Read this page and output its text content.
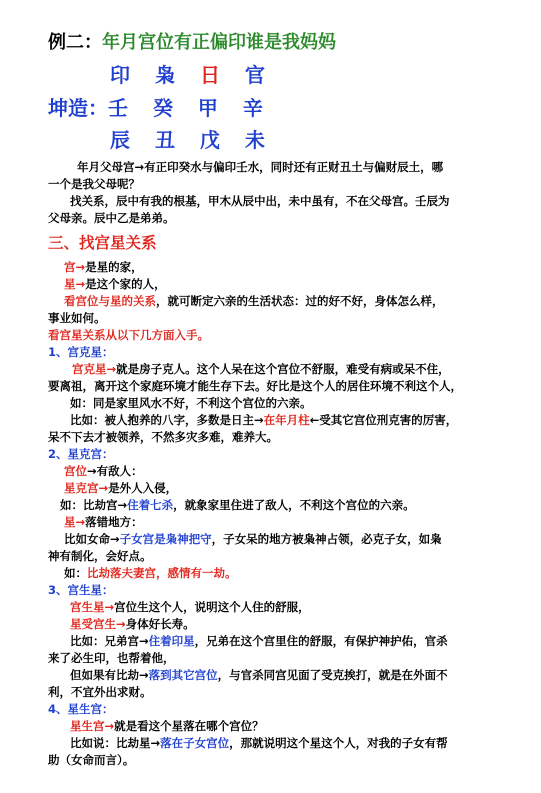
例二：年月宫位有正偏印谁是我妈妈
印 枭 日 官
坤造：壬 癸 甲 辛
辰 丑 戊 未
年月父母宫→有正印癸水与偏印壬水，同时还有正财丑土与偏财辰土，哪
一个是我父母呢？
找关系，辰中有我的根基，甲木从辰中出，未中虽有，不在父母宫。壬辰为
父母亲。辰中乙是弟弟。
三、找宫星关系
宫→是星的家，
星→是这个家的人，
看宫位与星的关系，就可断定六亲的生活状态：过的好不好，身体怎么样，
事业如何。
看宫星关系从以下几方面入手。
1、宫克星：
宫克星→就是房子克人。这个人呆在这个宫位不舒服，难受有病或呆不住，
要离祖，离开这个家庭环境才能生存下去。好比是这个人的居住环境不利这个人，
如：同是家里风水不好，不利这个宫位的六亲。
比如：被人抱养的八字，多数是日主→在年月柱←受其它宫位刑克害的厉害，
呆不下去才被领养，不然多灾多难，难养大。
2、星克宫：
宫位→有敌人：
星克宫→是外人入侵，
如：比劫宫→住着七杀，就象家里住进了敌人，不利这个宫位的六亲。
星→落错地方：
比如女命→子女宫是枭神把守，子女呆的地方被枭神占领，必克子女，如枭
神有制化，会好点。
如：比劫落夫妻宫，感情有一劫。
3、宫生星：
宫生星→宫位生这个人，说明这个人住的舒服，
星受宫生→身体好长寿。
比如：兄弟宫→住着印星，兄弟在这个宫里住的舒服，有保护神护佑，官杀
来了必生印，也帮着他，
但如果有比劫→落到其它宫位，与官杀同宫见面了受克挨打，就是在外面不
利，不宜外出求财。
4、星生宫：
星生宫→就是看这个星落在哪个宫位？
比如说：比劫星→落在子女宫位，那就说明这个星这个人，对我的子女有帮
助（女命而言）。
